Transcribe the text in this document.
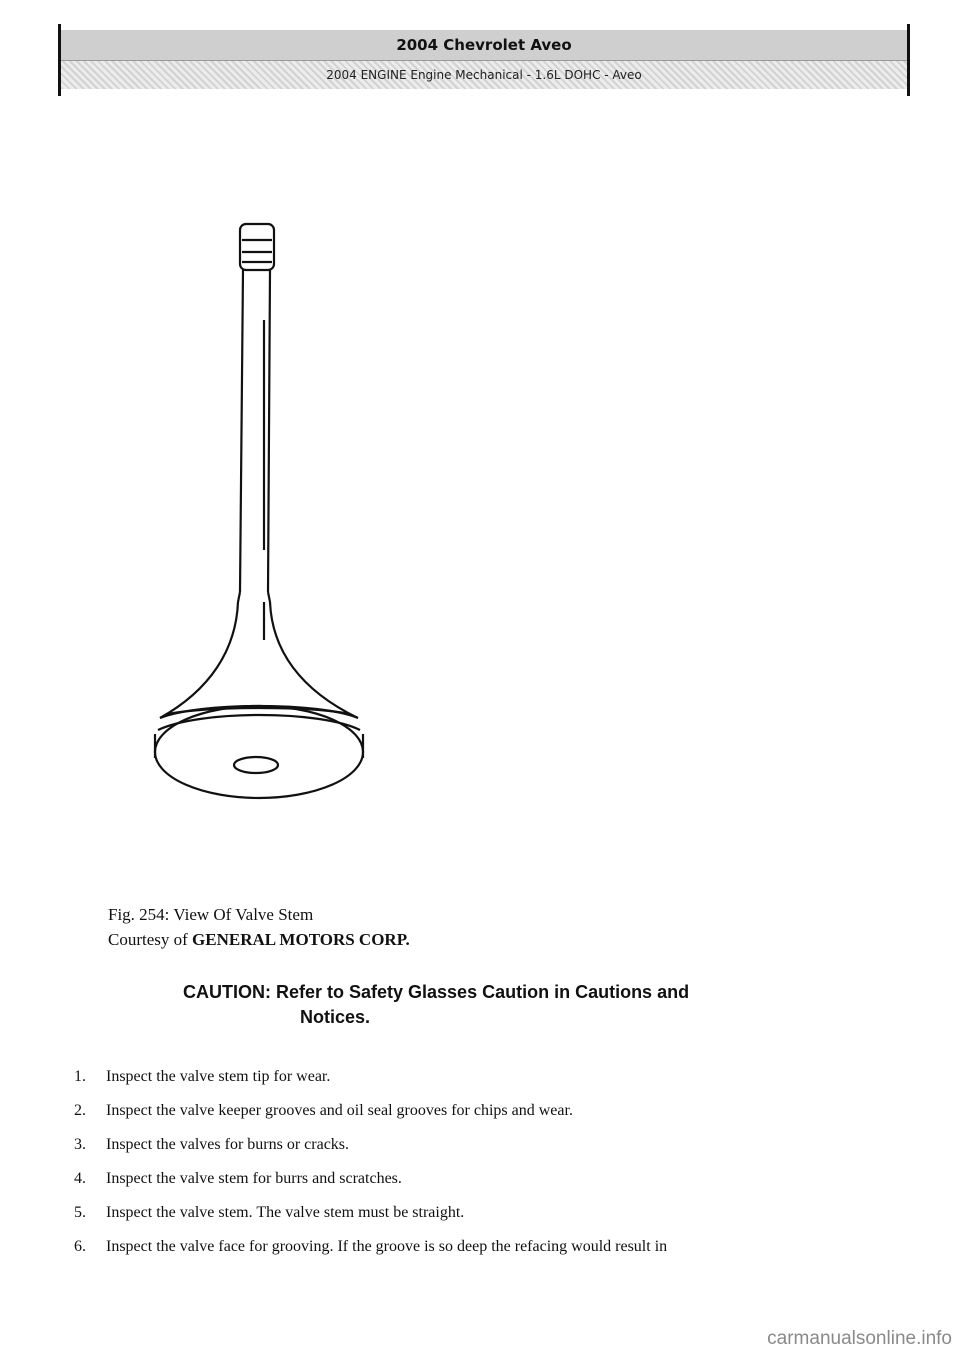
2004 Chevrolet Aveo
2004 ENGINE Engine Mechanical - 1.6L DOHC - Aveo
Fig. 254: View Of Valve Stem
Courtesy of GENERAL MOTORS CORP.
CAUTION: Refer to Safety Glasses Caution in Cautions and
Notices.
1.	Inspect the valve stem tip for wear.
2.	Inspect the valve keeper grooves and oil seal grooves for chips and wear.
3.	Inspect the valves for burns or cracks.
4.	Inspect the valve stem for burrs and scratches.
5.	Inspect the valve stem. The valve stem must be straight.
6.	Inspect the valve face for grooving. If the groove is so deep the refacing would result in
carmanualsonline.info
